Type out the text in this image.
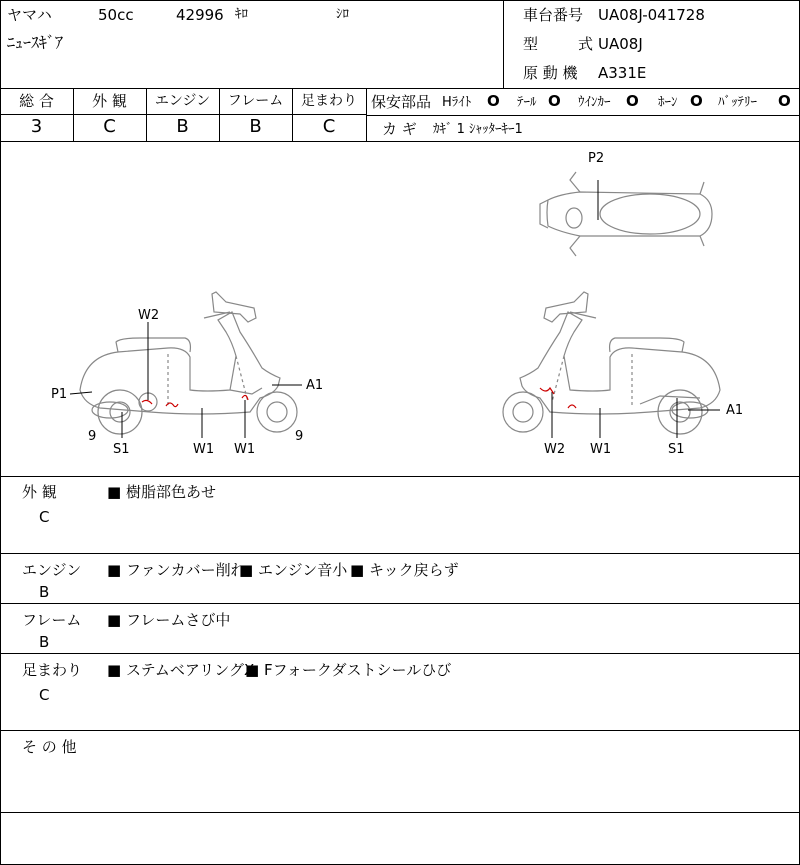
ヤマハ	50cc	42996 ｷﾛ	ｼﾛ
ﾆｭｰｽｷﾞｱ
車台番号 UA08J-041728
型	式 UA08J
原 動 機 A331E
総 合	外 観	エンジン	フレーム	足まわり
3	C	B	B	C
保安部品 Hﾗｲﾄ O ﾃｰﾙ O ｳｲﾝｶｰ O ﾎｰﾝ O ﾊﾞｯﾃﾘｰ O
カ ギ ｶｷﾞ 1 ｼｬｯﾀｰｷｰ1
W2
P1
A1
9
S1	W1 W1
9
P2
W2 W1	S1
A1
外 観
C
■ 樹脂部色あせ
エンジン
B
■ ファンカバー削れ
■ エンジン音小 ■ キック戻らず
フレーム
B
■ フレームさび中
足まわり
C
■ ステムベアリングX
■ Fフォークダストシールひび
そ の 他
